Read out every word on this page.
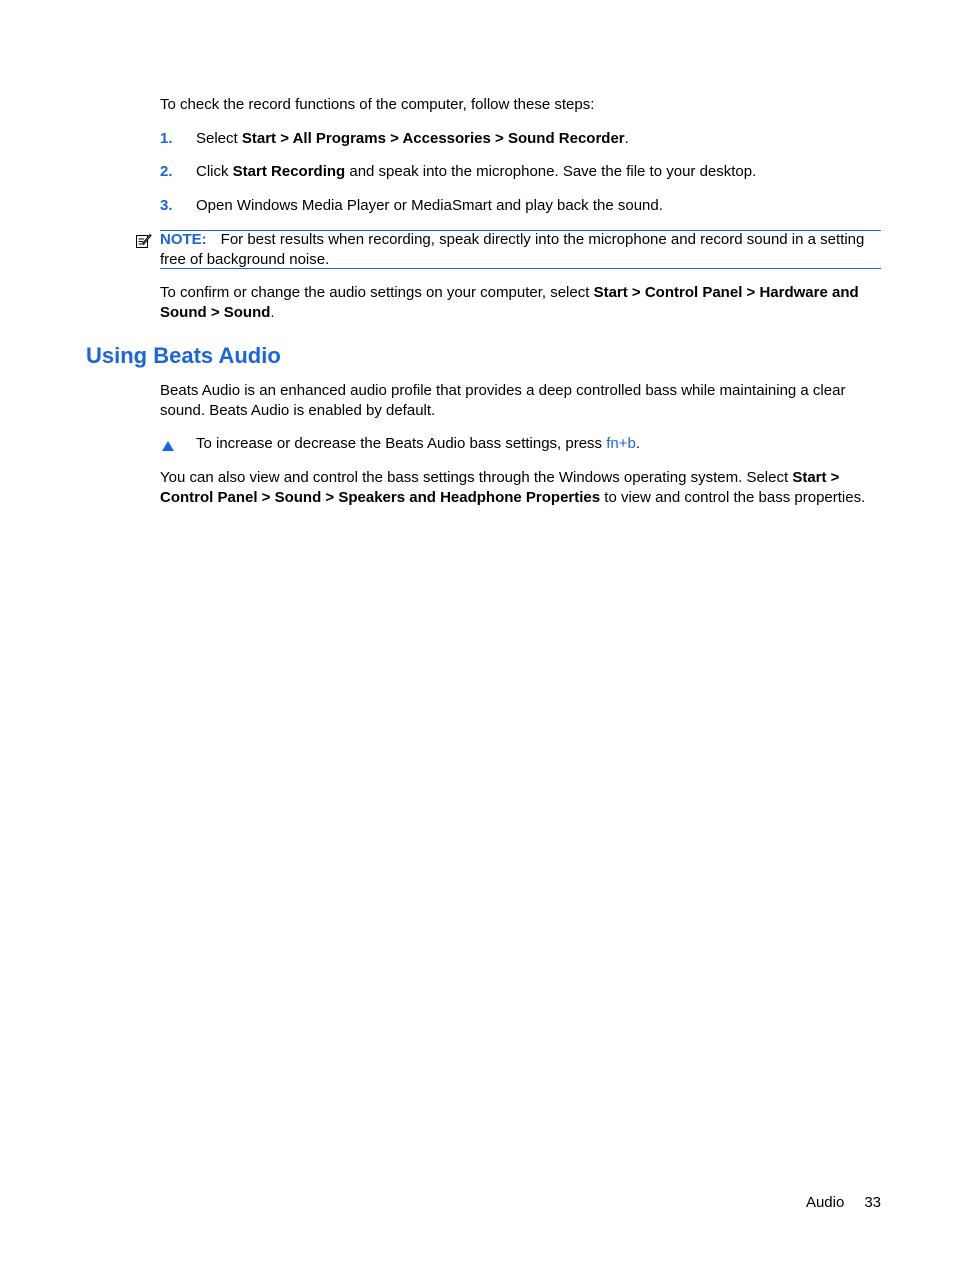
To check the record functions of the computer, follow these steps:

1. Select Start > All Programs > Accessories > Sound Recorder.
2. Click Start Recording and speak into the microphone. Save the file to your desktop.
3. Open Windows Media Player or MediaSmart and play back the sound.
NOTE: For best results when recording, speak directly into the microphone and record sound in a setting free of background noise.

To confirm or change the audio settings on your computer, select Start > Control Panel > Hardware and Sound > Sound.

Using Beats Audio

Beats Audio is an enhanced audio profile that provides a deep controlled bass while maintaining a clear sound. Beats Audio is enabled by default.

To increase or decrease the Beats Audio bass settings, press fn+b.

You can also view and control the bass settings through the Windows operating system. Select Start > Control Panel > Sound > Speakers and Headphone Properties to view and control the bass properties.

Audio 33
